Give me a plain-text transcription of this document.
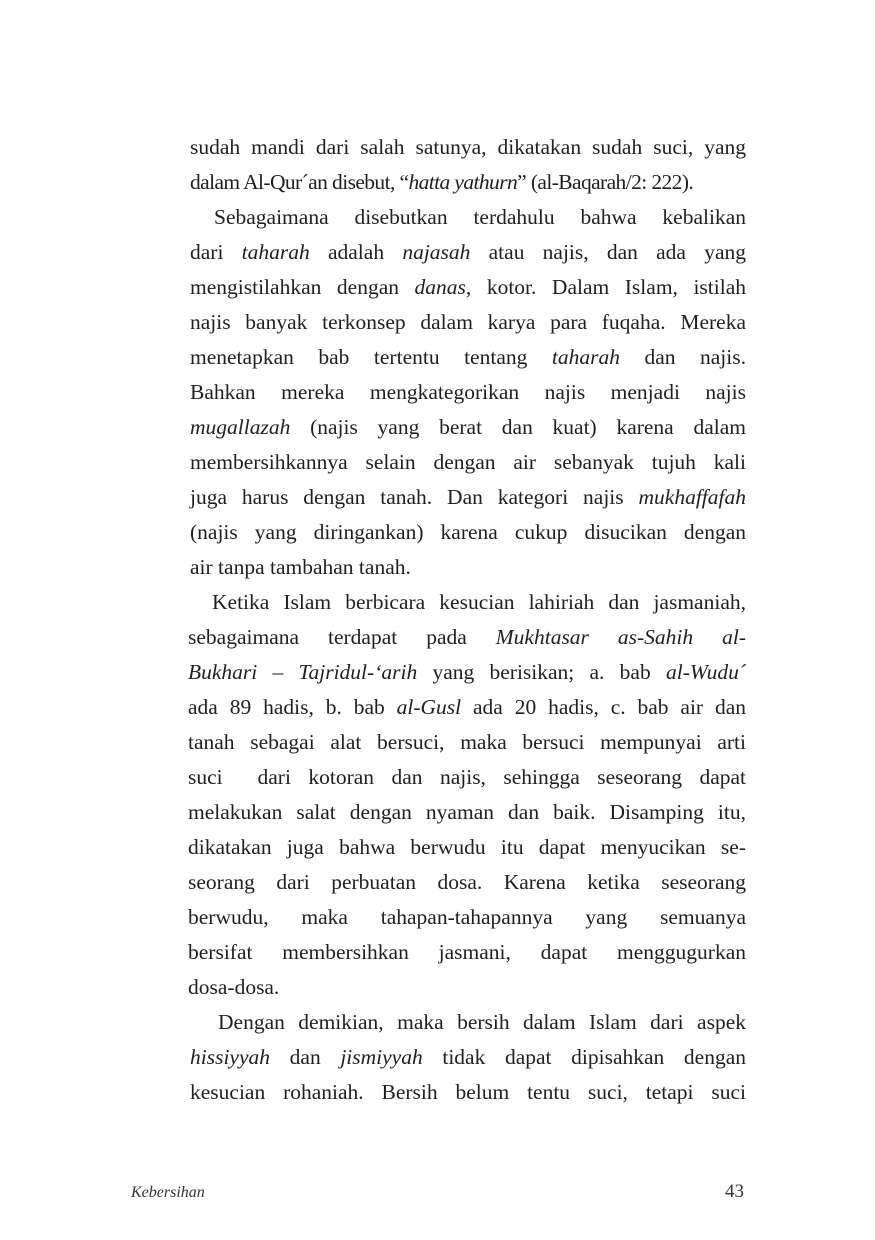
sudah mandi dari salah satunya, dikatakan sudah suci, yang
dalam Al-Qur´an disebut, “hatta yathurn” (al-Baqarah/2: 222).
Sebagaimana disebutkan terdahulu bahwa kebalikan
dari taharah adalah najasah atau najis, dan ada yang
mengistilahkan dengan danas, kotor. Dalam Islam, istilah
najis banyak terkonsep dalam karya para fuqaha. Mereka
menetapkan bab tertentu tentang taharah dan najis.
Bahkan mereka mengkategorikan najis menjadi najis
mugallazah (najis yang berat dan kuat) karena dalam
membersihkannya selain dengan air sebanyak tujuh kali
juga harus dengan tanah. Dan kategori najis mukhaffafah
(najis yang diringankan) karena cukup disucikan dengan
air tanpa tambahan tanah.
Ketika Islam berbicara kesucian lahiriah dan jasmaniah,
sebagaimana terdapat pada Mukhtasar as-Sahih al-
Bukhari – Tajridul-‘arih yang berisikan; a. bab al-Wudu´
ada 89 hadis, b. bab al-Gusl ada 20 hadis, c. bab air dan
tanah sebagai alat bersuci, maka bersuci mempunyai arti
suci  dari kotoran dan najis, sehingga seseorang dapat
melakukan salat dengan nyaman dan baik. Disamping itu,
dikatakan juga bahwa berwudu itu dapat menyucikan se-
seorang dari perbuatan dosa. Karena ketika seseorang
berwudu, maka tahapan-tahapannya yang semuanya
bersifat membersihkan jasmani, dapat menggugurkan
dosa-dosa.
Dengan demikian, maka bersih dalam Islam dari aspek
hissiyyah dan jismiyyah tidak dapat dipisahkan dengan
kesucian rohaniah. Bersih belum tentu suci, tetapi suci
Kebersihan	43
